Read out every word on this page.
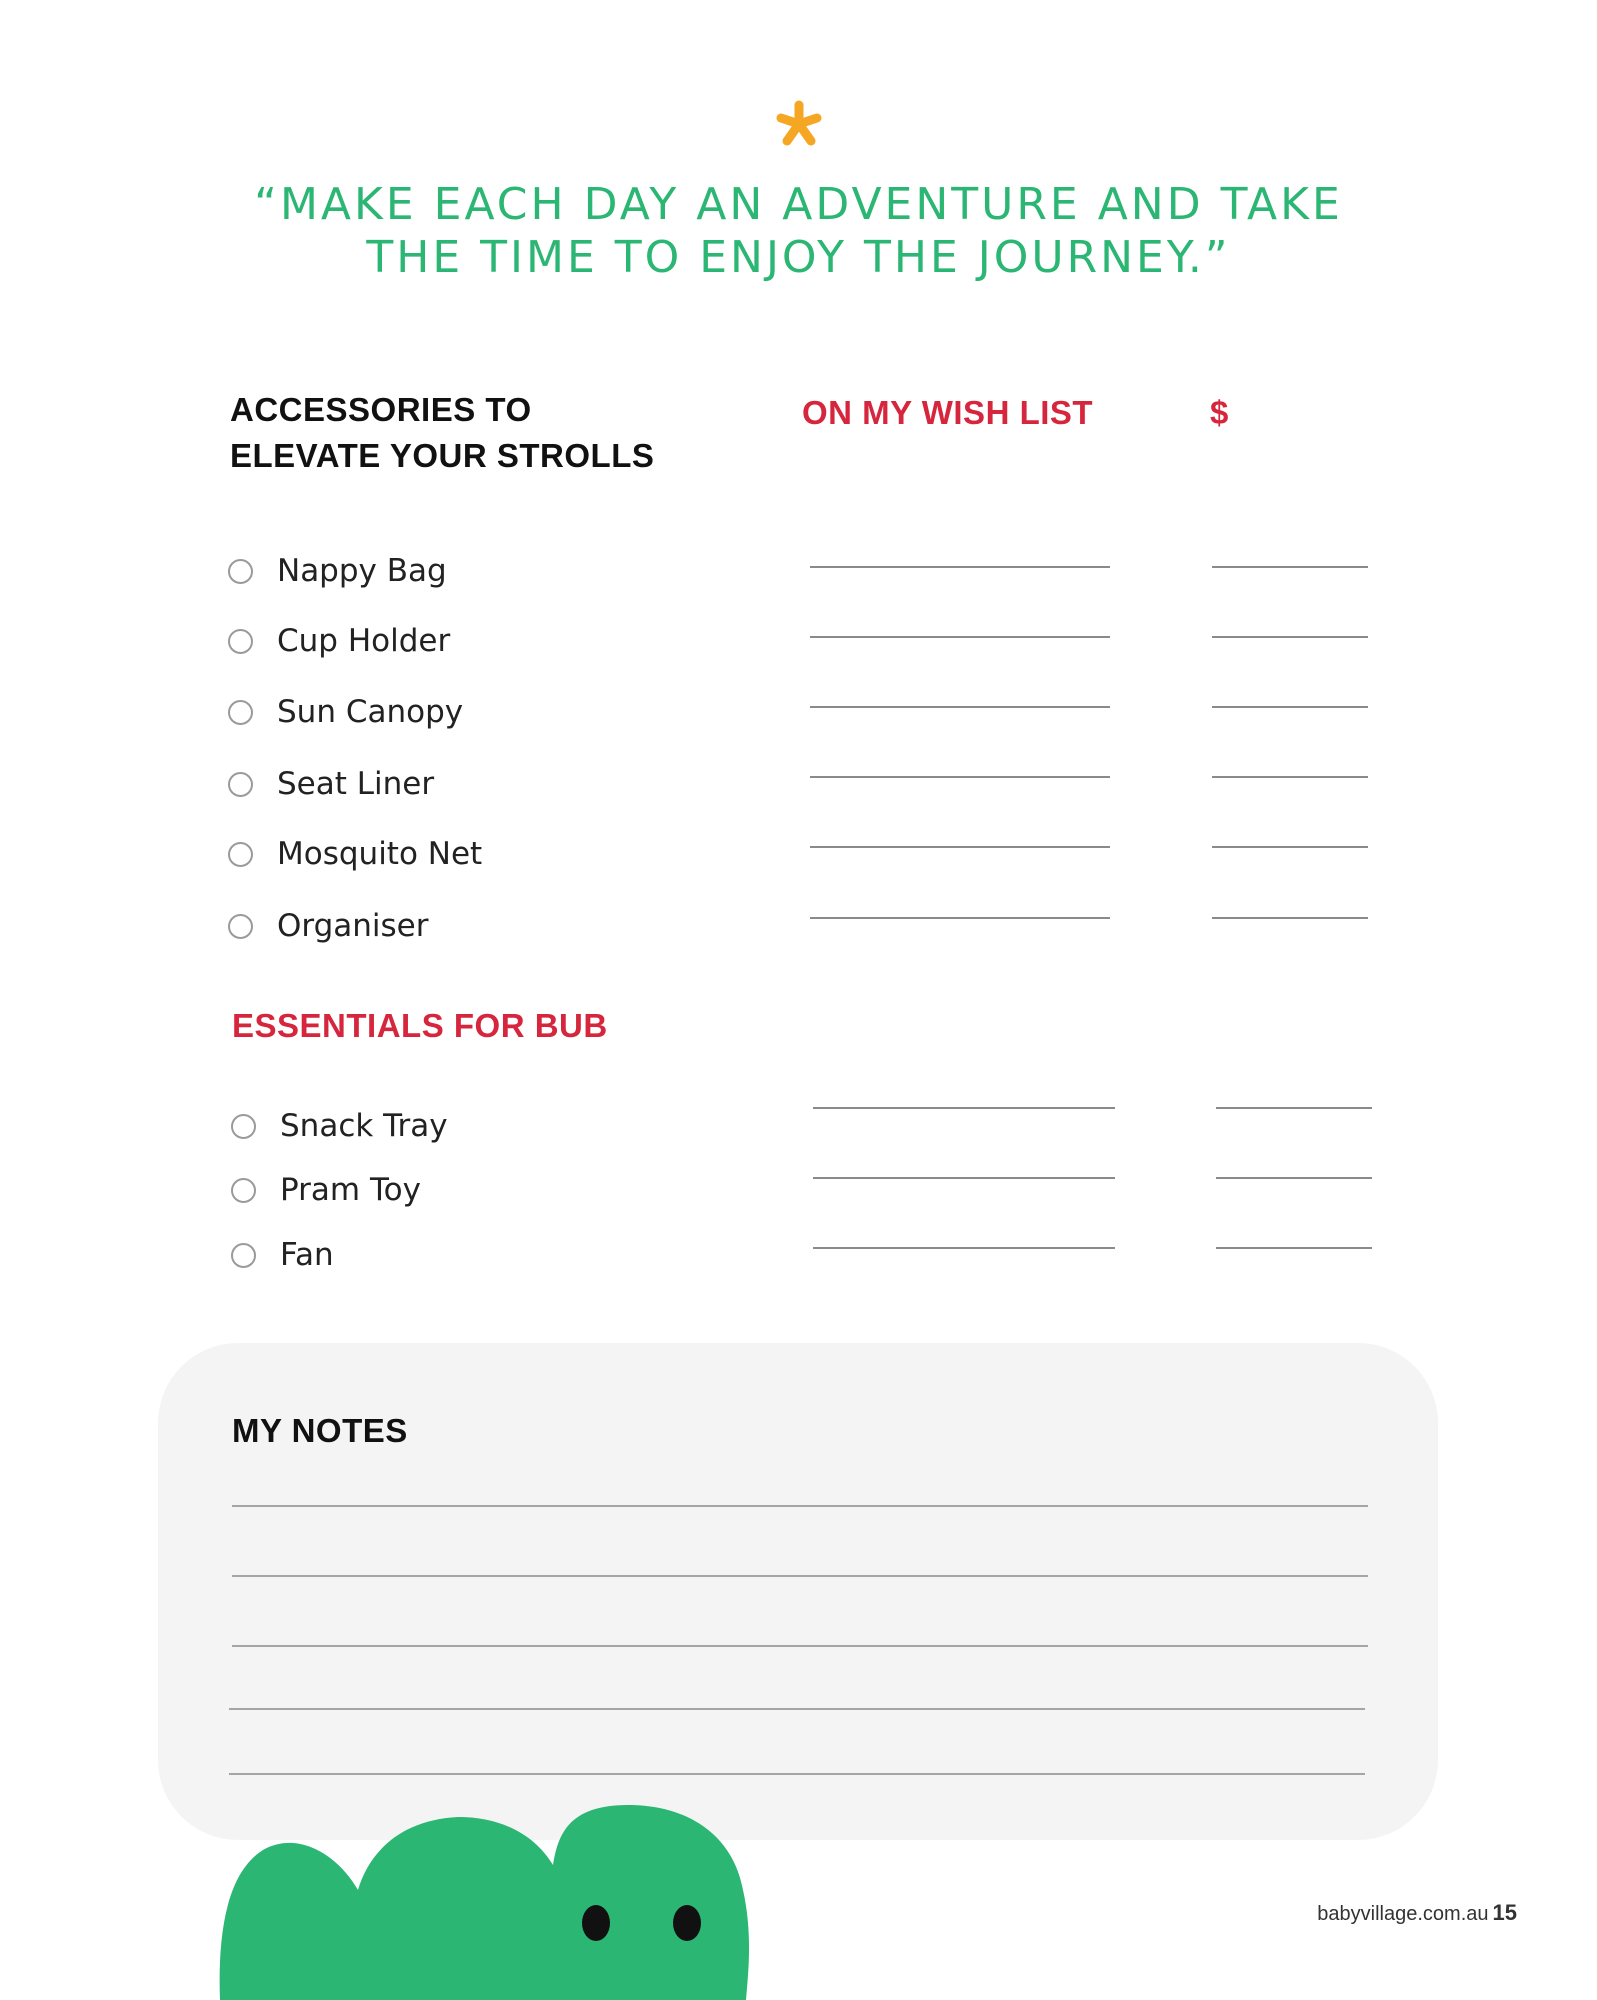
“MAKE EACH DAY AN ADVENTURE AND TAKE
THE TIME TO ENJOY THE JOURNEY.”
ACCESSORIES TO
ELEVATE YOUR STROLLS
ON MY WISH LIST	$
Nappy Bag
Cup Holder
Sun Canopy
Seat Liner
Mosquito Net
Organiser
ESSENTIALS FOR BUB
Snack Tray
Pram Toy
Fan
MY NOTES
babyvillage.com.au 15
